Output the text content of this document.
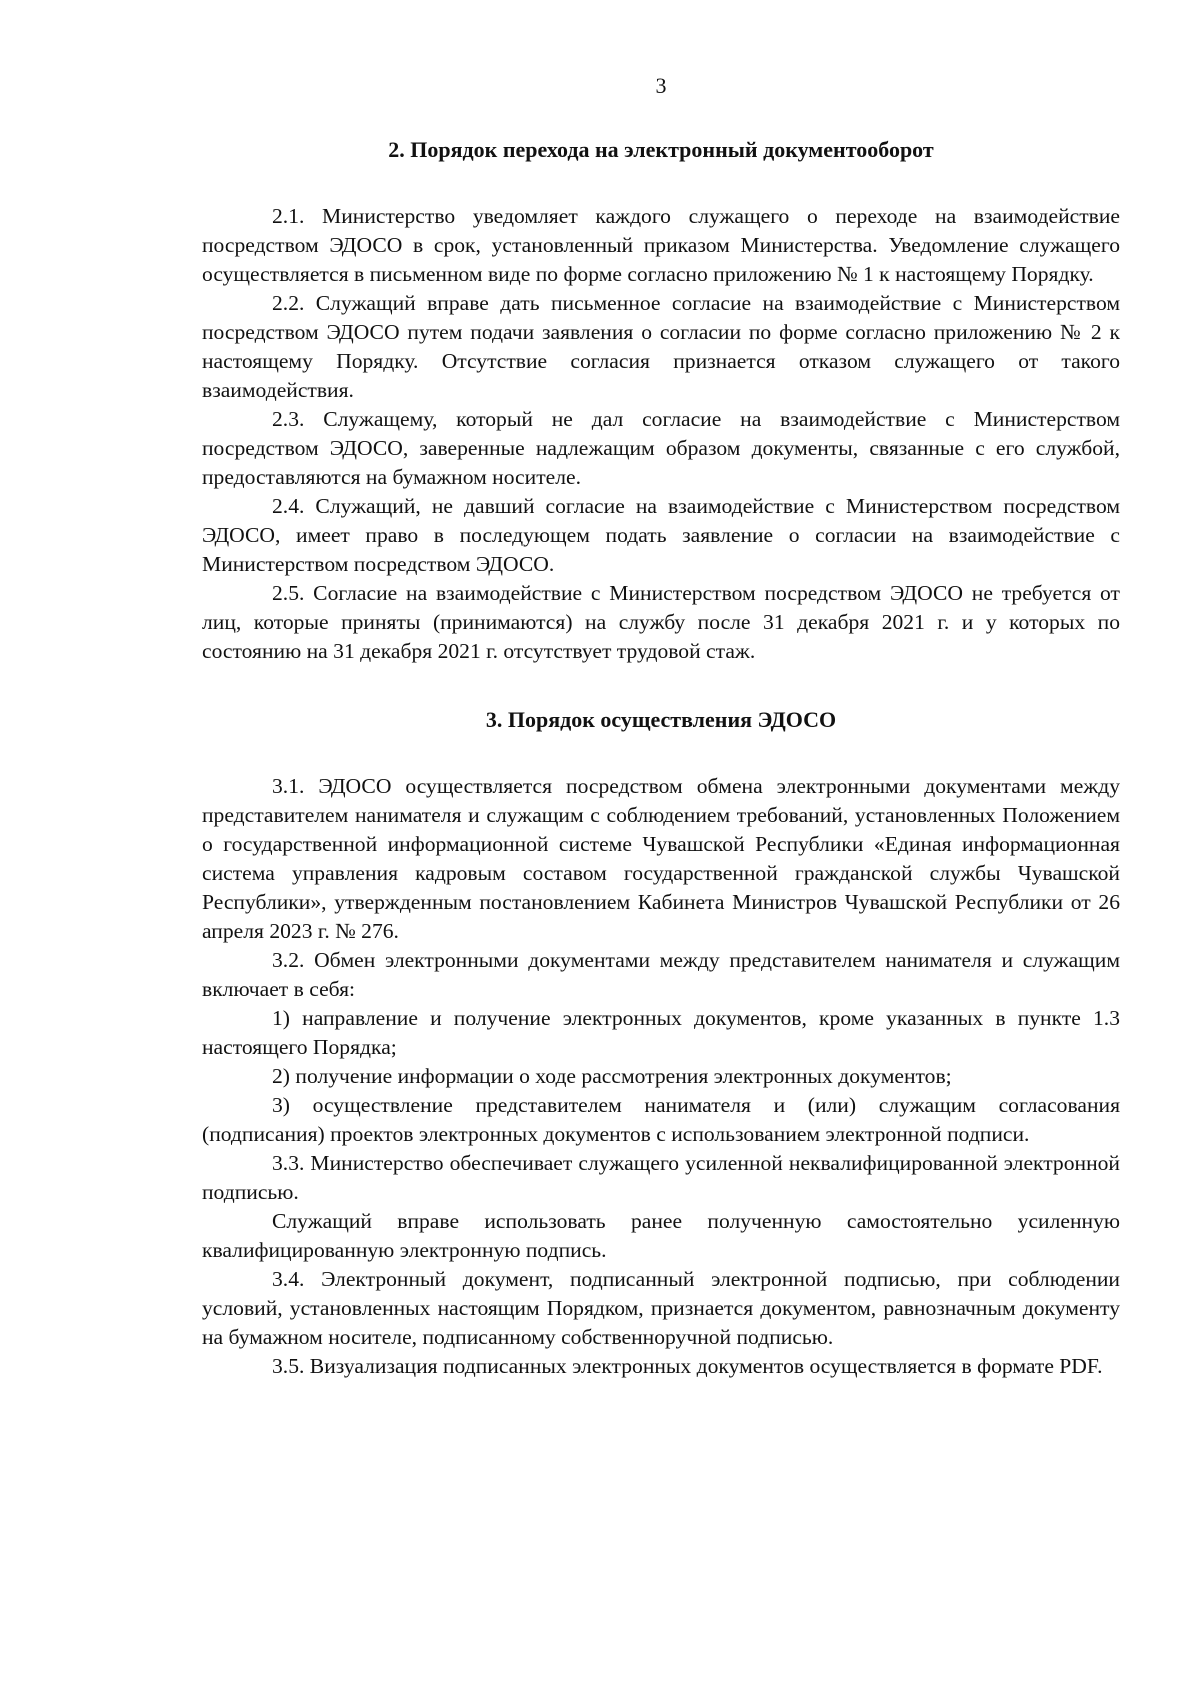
3
2. Порядок перехода на электронный документооборот

2.1. Министерство уведомляет каждого служащего о переходе на взаимодействие посредством ЭДОСО в срок, установленный приказом Министерства. Уведомление служащего осуществляется в письменном виде по форме согласно приложению № 1 к настоящему Порядку.

2.2. Служащий вправе дать письменное согласие на взаимодействие с Министерством посредством ЭДОСО путем подачи заявления о согласии по форме согласно приложению № 2 к настоящему Порядку. Отсутствие согласия признается отказом служащего от такого взаимодействия.

2.3. Служащему, который не дал согласие на взаимодействие с Министерством посредством ЭДОСО, заверенные надлежащим образом документы, связанные с его службой, предоставляются на бумажном носителе.

2.4. Служащий, не давший согласие на взаимодействие с Министерством посредством ЭДОСО, имеет право в последующем подать заявление о согласии на взаимодействие с Министерством посредством ЭДОСО.

2.5. Согласие на взаимодействие с Министерством посредством ЭДОСО не требуется от лиц, которые приняты (принимаются) на службу после 31 декабря 2021 г. и у которых по состоянию на 31 декабря 2021 г. отсутствует трудовой стаж.

3. Порядок осуществления ЭДОСО

3.1. ЭДОСО осуществляется посредством обмена электронными документами между представителем нанимателя и служащим с соблюдением требований, установленных Положением о государственной информационной системе Чувашской Республики «Единая информационная система управления кадровым составом государственной гражданской службы Чувашской Республики», утвержденным постановлением Кабинета Министров Чувашской Республики от 26 апреля 2023 г. № 276.

3.2. Обмен электронными документами между представителем нанимателя и служащим включает в себя:

1) направление и получение электронных документов, кроме указанных в пункте 1.3 настоящего Порядка;

2) получение информации о ходе рассмотрения электронных документов;

3) осуществление представителем нанимателя и (или) служащим согласования (подписания) проектов электронных документов с использованием электронной подписи.

3.3. Министерство обеспечивает служащего усиленной неквалифицированной электронной подписью.

Служащий вправе использовать ранее полученную самостоятельно усиленную квалифицированную электронную подпись.

3.4. Электронный документ, подписанный электронной подписью, при соблюдении условий, установленных настоящим Порядком, признается документом, равнозначным документу на бумажном носителе, подписанному собственноручной подписью.

3.5. Визуализация подписанных электронных документов осуществляется в формате PDF.
